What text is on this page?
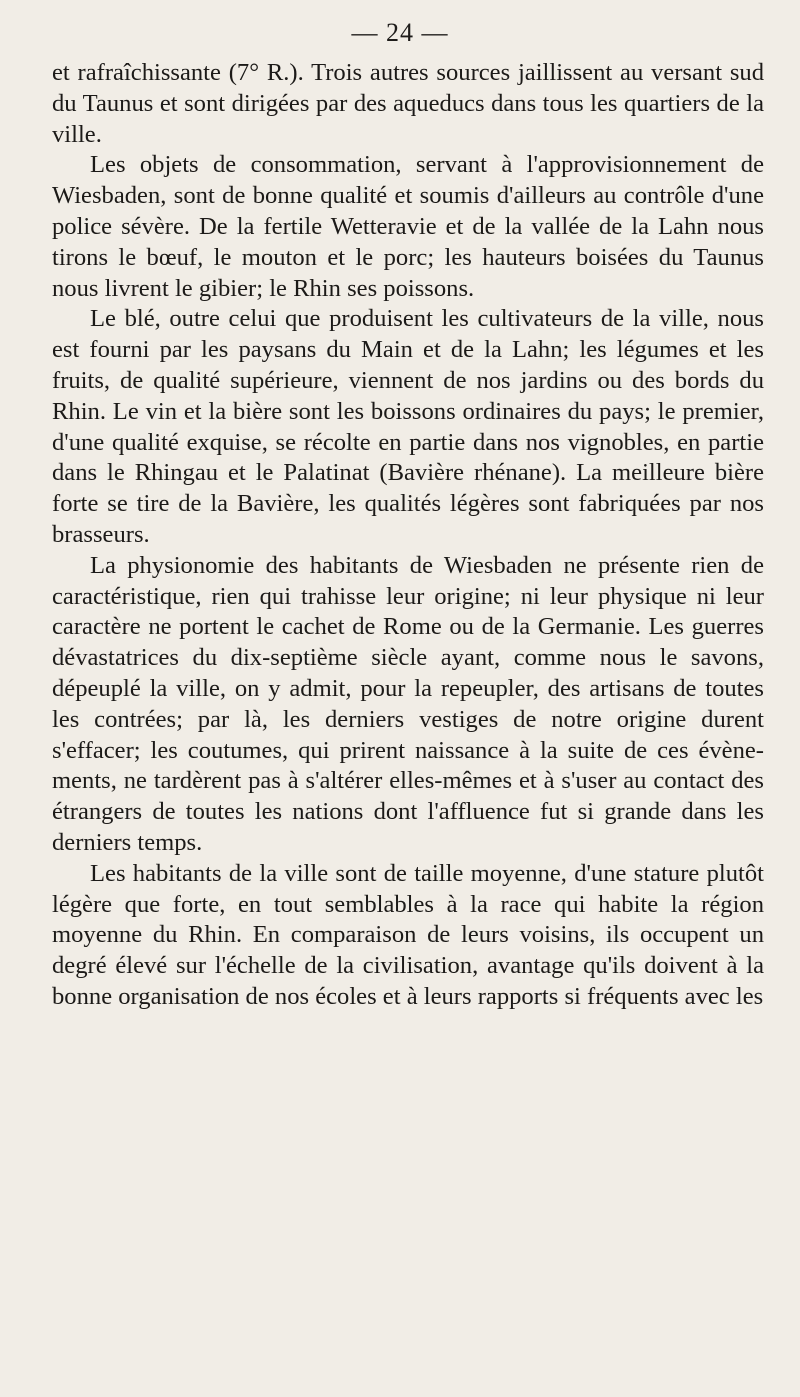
— 24 —

et rafraîchissante (7° R.). Trois autres sources jaillissent au versant sud du Taunus et sont dirigées par des aqueducs dans tous les quartiers de la ville.

Les objets de consommation, servant à l'approvisionnement de Wiesbaden, sont de bonne qualité et soumis d'ailleurs au contrôle d'une police sévère. De la fertile Wetteravie et de la vallée de la Lahn nous tirons le bœuf, le mouton et le porc; les hauteurs boisées du Taunus nous livrent le gibier; le Rhin ses poissons.

Le blé, outre celui que produisent les cultivateurs de la ville, nous est fourni par les paysans du Main et de la Lahn; les légumes et les fruits, de qualité supérieure, viennent de nos jardins ou des bords du Rhin. Le vin et la bière sont les boissons ordinaires du pays; le premier, d'une qualité exquise, se récolte en partie dans nos vignobles, en partie dans le Rhingau et le Palatinat (Bavière rhénane). La meilleure bière forte se tire de la Bavière, les qualités légères sont fabriquées par nos brasseurs.

La physionomie des habitants de Wiesbaden ne présente rien de caractéristique, rien qui trahisse leur origine; ni leur physique ni leur caractère ne portent le cachet de Rome ou de la Germanie. Les guerres dévastatrices du dix-septième siècle ayant, comme nous le savons, dépeuplé la ville, on y admit, pour la repeupler, des artisans de toutes les contrées; par là, les derniers vestiges de notre origine durent s'effacer; les coutumes, qui prirent naissance à la suite de ces évène-ments, ne tardèrent pas à s'altérer elles-mêmes et à s'user au contact des étrangers de toutes les nations dont l'affluence fut si grande dans les derniers temps.

Les habitants de la ville sont de taille moyenne, d'une stature plutôt légère que forte, en tout semblables à la race qui habite la région moyenne du Rhin. En comparaison de leurs voisins, ils occupent un degré élevé sur l'échelle de la civilisation, avantage qu'ils doivent à la bonne organisation de nos écoles et à leurs rapports si fréquents avec les
